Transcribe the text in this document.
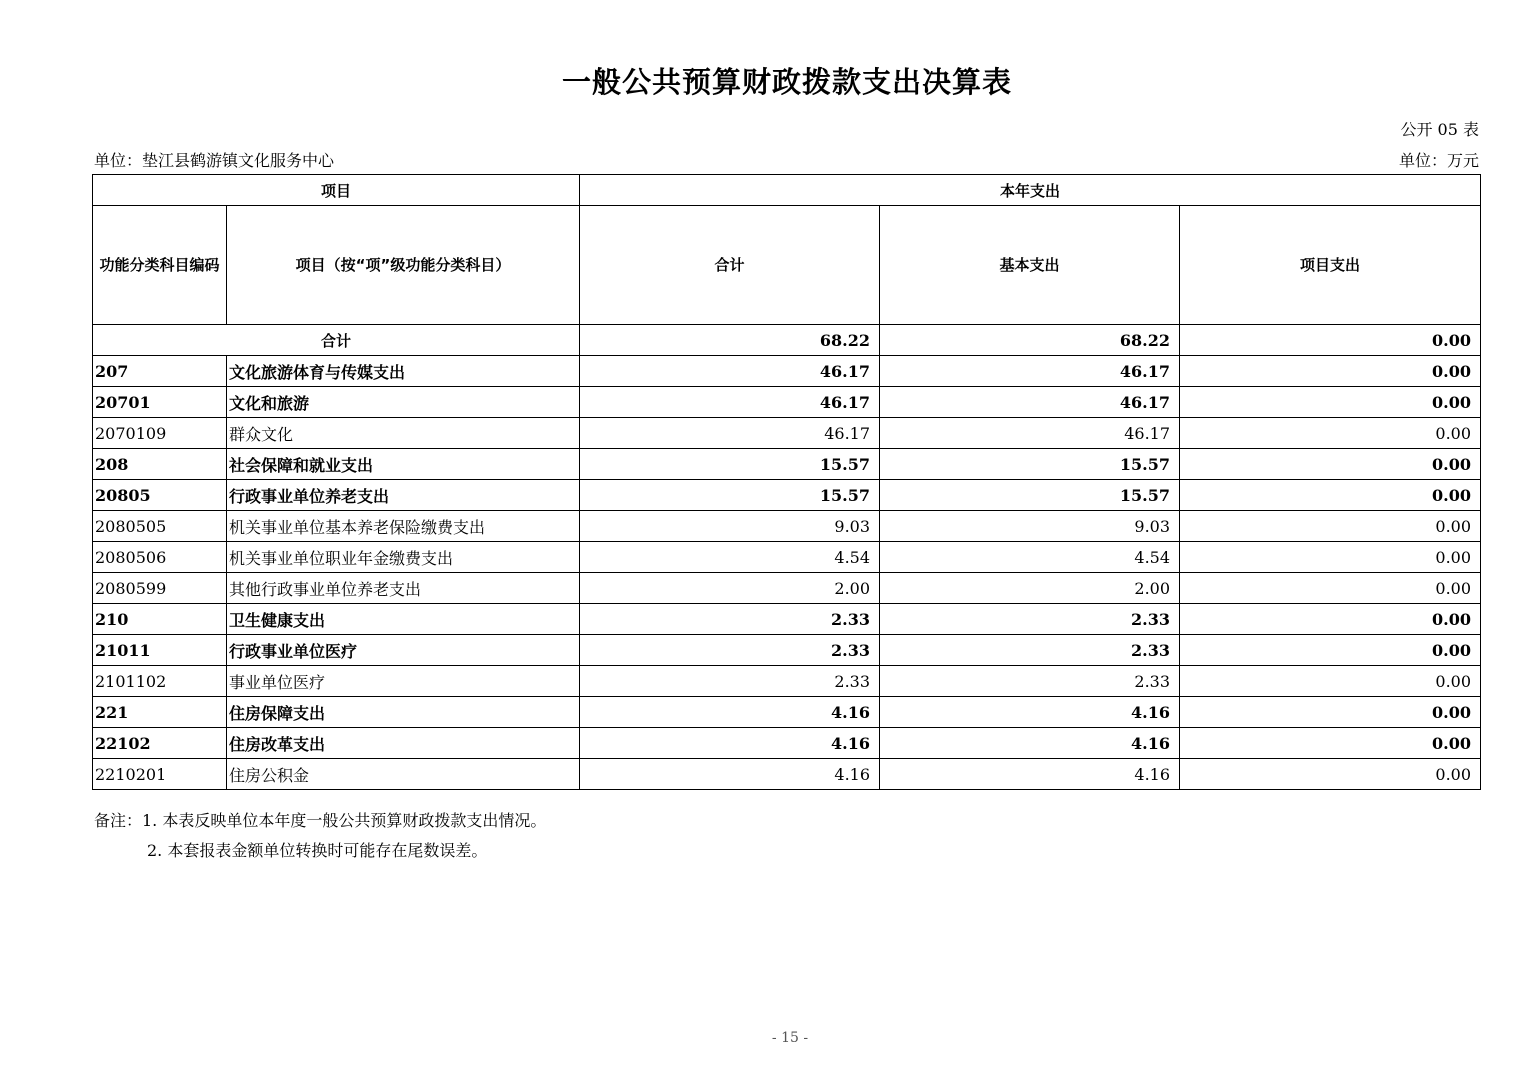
一般公共预算财政拨款支出决算表
公开 05 表
单位：垫江县鹤游镇文化服务中心	单位：万元
项目		本年支出		
功能分类科目编码	项目（按“项”级功能分类科目）	合计	基本支出	项目支出
合计		68.22	68.22	0.00
207	文化旅游体育与传媒支出	46.17	46.17	0.00
20701	文化和旅游	46.17	46.17	0.00
2070109	群众文化	46.17	46.17	0.00
208	社会保障和就业支出	15.57	15.57	0.00
20805	行政事业单位养老支出	15.57	15.57	0.00
2080505	机关事业单位基本养老保险缴费支出	9.03	9.03	0.00
2080506	机关事业单位职业年金缴费支出	4.54	4.54	0.00
2080599	其他行政事业单位养老支出	2.00	2.00	0.00
210	卫生健康支出	2.33	2.33	0.00
21011	行政事业单位医疗	2.33	2.33	0.00
2101102	事业单位医疗	2.33	2.33	0.00
221	住房保障支出	4.16	4.16	0.00
22102	住房改革支出	4.16	4.16	0.00
2210201	住房公积金	4.16	4.16	0.00
备注：1. 本表反映单位本年度一般公共预算财政拨款支出情况。
2. 本套报表金额单位转换时可能存在尾数误差。
- 15 -
